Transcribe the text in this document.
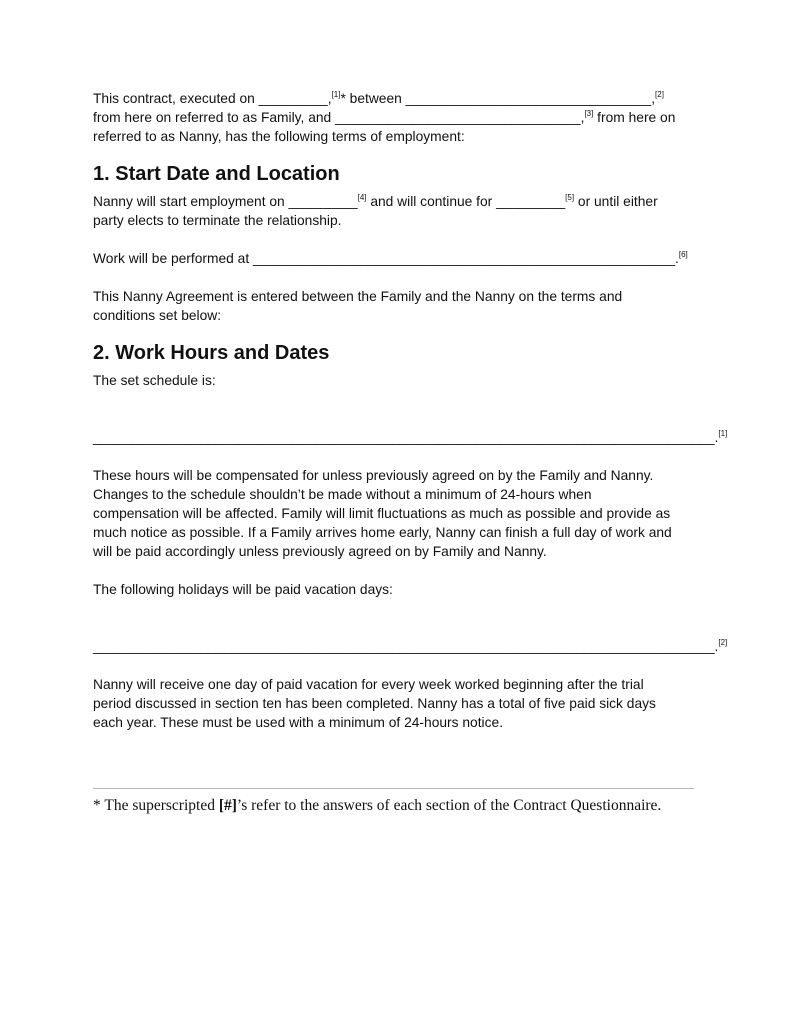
This contract, executed on _________,[1]* between ________________________________,[2]
from here on referred to as Family, and ________________________________,[3] from here on
referred to as Nanny, has the following terms of employment:
1. Start Date and Location
Nanny will start employment on _________[4] and will continue for _________[5] or until either
party elects to terminate the relationship.
Work will be performed at _______________________________________________________.[6]
This Nanny Agreement is entered between the Family and the Nanny on the terms and
conditions set below:
2. Work Hours and Dates
The set schedule is:
_________________________________________________________________________________.[1]
These hours will be compensated for unless previously agreed on by the Family and Nanny.
Changes to the schedule shouldn’t be made without a minimum of 24-hours when
compensation will be affected. Family will limit fluctuations as much as possible and provide as
much notice as possible. If a Family arrives home early, Nanny can finish a full day of work and
will be paid accordingly unless previously agreed on by Family and Nanny.
The following holidays will be paid vacation days:
_________________________________________________________________________________.[2]
Nanny will receive one day of paid vacation for every week worked beginning after the trial
period discussed in section ten has been completed. Nanny has a total of five paid sick days
each year. These must be used with a minimum of 24-hours notice.
* The superscripted [#]’s refer to the answers of each section of the Contract Questionnaire.
